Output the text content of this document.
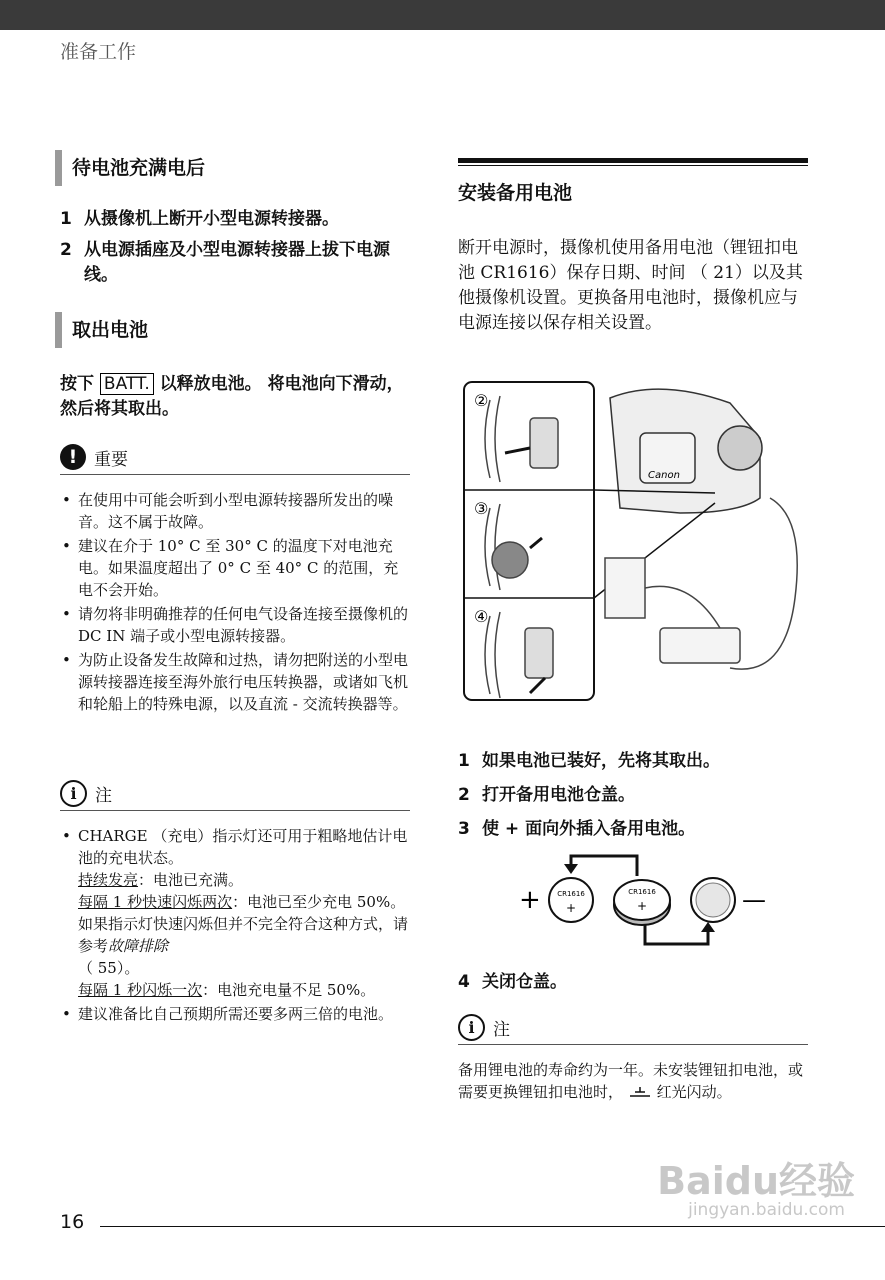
准备工作
待电池充满电后
1 从摄像机上断开小型电源转接器。
2 从电源插座及小型电源转接器上拔下电源线。
取出电池
按下 BATT. 以释放电池。 将电池向下滑动，然后将其取出。
! 重要
• 在使用中可能会听到小型电源转接器所发出的噪音。这不属于故障。
• 建议在介于 10° C 至 30° C 的温度下对电池充电。如果温度超出了 0° C 至 40° C 的范围，充电不会开始。
• 请勿将非明确推荐的任何电气设备连接至摄像机的 DC IN 端子或小型电源转接器。
• 为防止设备发生故障和过热，请勿把附送的小型电源转接器连接至海外旅行电压转换器，或诸如飞机和轮船上的特殊电源，以及直流 - 交流转换器等。
i	注
• CHARGE （充电）指示灯还可用于粗略地估计电池的充电状态。
持续发亮：电池已充满。
每隔 1 秒快速闪烁两次：电池已至少充电 50%。如果指示灯快速闪烁但并不完全符合这种方式，请参考故障排除
（ 55）。
每隔 1 秒闪烁一次：电池充电量不足 50%。
• 建议准备比自己预期所需还要多两三倍的电池。
安装备用电池
断开电源时，摄像机使用备用电池（锂钮扣电池 CR1616）保存日期、时间 （ 21）以及其他摄像机设置。更换备用电池时，摄像机应与电源连接以保存相关设置。
②
③
④
Canon
1 如果电池已装好，先将其取出。
2 打开备用电池仓盖。
3 使 + 面向外插入备用电池。
+ CR1616
+
CR1616
+	—
4 关闭仓盖。
i	注
备用锂电池的寿命约为一年。未安装锂钮扣电池，或需要更换锂钮扣电池时， 红光闪动。
16
Baidu经验
jingyan.baidu.com
